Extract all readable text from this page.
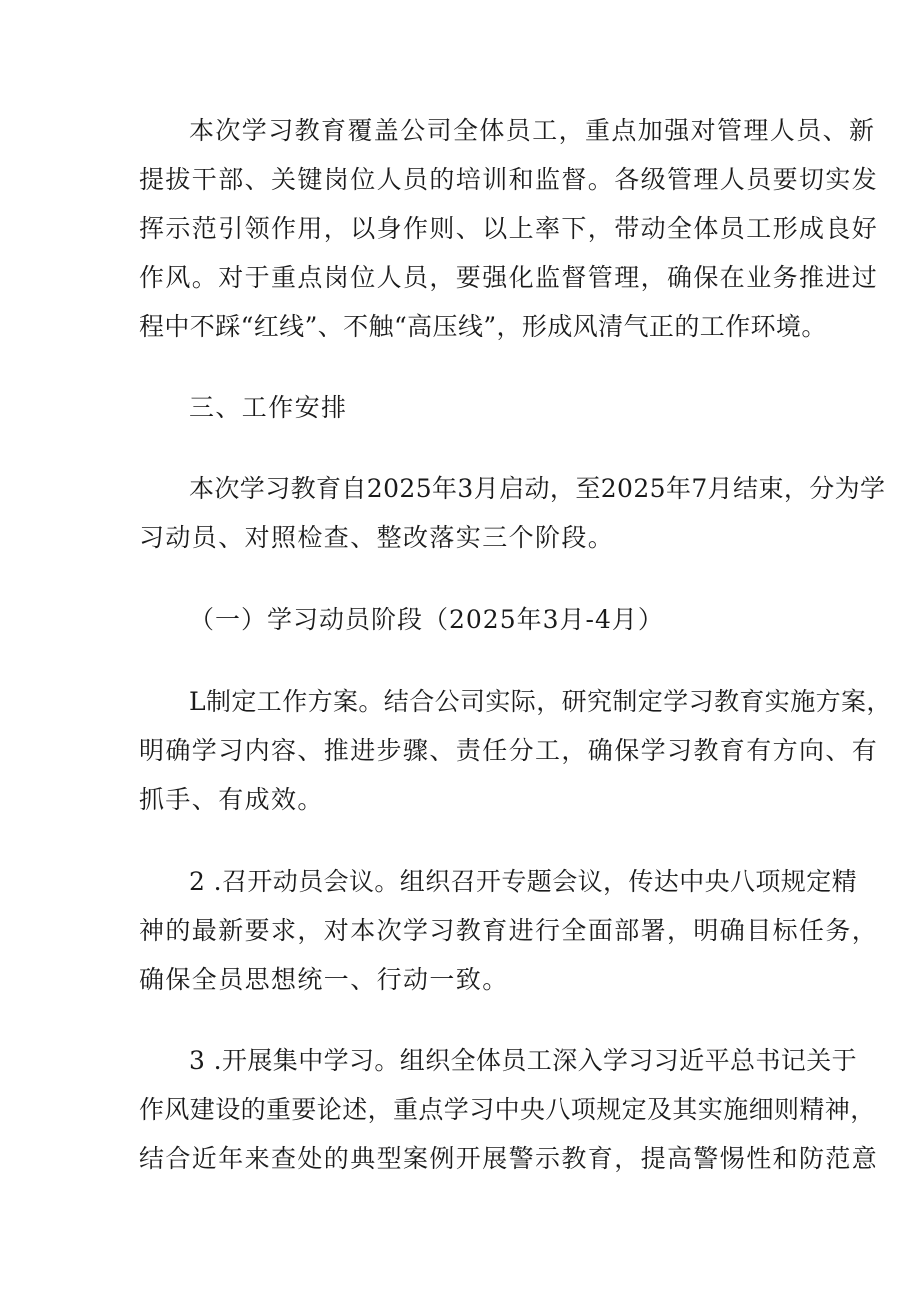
本次学习教育覆盖公司全体员工，重点加强对管理人员、新
提拔干部、关键岗位人员的培训和监督。各级管理人员要切实发
挥示范引领作用，以身作则、以上率下，带动全体员工形成良好
作风。对于重点岗位人员，要强化监督管理，确保在业务推进过
程中不踩“红线”、不触“高压线”，形成风清气正的工作环境。
三、工作安排
本次学习教育自2025年3月启动，至2025年7月结束，分为学
习动员、对照检查、整改落实三个阶段。
（一）学习动员阶段（2025年3月-4月）
L制定工作方案。结合公司实际，研究制定学习教育实施方案，
明确学习内容、推进步骤、责任分工，确保学习教育有方向、有
抓手、有成效。
2 .召开动员会议。组织召开专题会议，传达中央八项规定精
神的最新要求，对本次学习教育进行全面部署，明确目标任务，
确保全员思想统一、行动一致。
3 .开展集中学习。组织全体员工深入学习习近平总书记关于
作风建设的重要论述，重点学习中央八项规定及其实施细则精神，
结合近年来查处的典型案例开展警示教育，提高警惕性和防范意
